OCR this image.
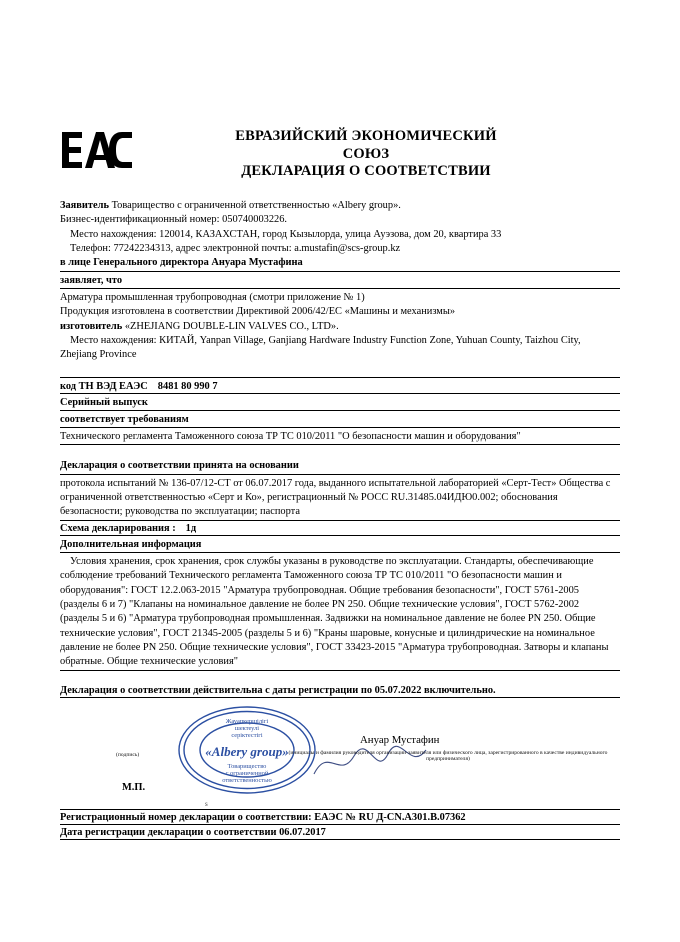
ЕВРАЗИЙСКИЙ ЭКОНОМИЧЕСКИЙ
СОЮЗ
ДЕКЛАРАЦИЯ О СООТВЕТСТВИИ
Заявитель Товарищество с ограниченной ответственностью «Albery group».
Бизнес-идентификационный номер: 050740003226.
Место нахождения: 120014, КАЗАХСТАН, город Кызылорда, улица Ауэзова, дом 20, квартира 33
Телефон: 77242234313, адрес электронной почты: a.mustafin@scs-group.kz
в лице Генерального директора Ануара Мустафина
заявляет, что
Арматура промышленная трубопроводная (смотри приложение № 1)
Продукция изготовлена в соответствии Директивой 2006/42/ЕС «Машины и механизмы»
изготовитель «ZHEJIANG DOUBLE-LIN VALVES CO., LTD».
Место нахождения: КИТАЙ, Yanpan Village, Ganjiang Hardware Industry Function Zone, Yuhuan County, Taizhou City,
Zhejiang Province
код ТН ВЭД ЕАЭС 8481 80 990 7
Серийный выпуск
соответствует требованиям
Технического регламента Таможенного союза ТР ТС 010/2011 "О безопасности машин и оборудования"
Декларация о соответствии принята на основании
протокола испытаний № 136-07/12-СТ от 06.07.2017 года, выданного испытательной лабораторией «Серт-Тест» Общества с
ограниченной ответственностью «Серт и Ко», регистрационный № РОСС RU.31485.04ИДЮ0.002; обоснования
безопасности; руководства по эксплуатации; паспорта
Схема декларирования : 1д
Дополнительная информация
Условия хранения, срок хранения, срок службы указаны в руководстве по эксплуатации. Стандарты, обеспечивающие
соблюдение требований Технического регламента Таможенного союза ТР ТС 010/2011 "О безопасности машин и
оборудования": ГОСТ 12.2.063-2015 "Арматура трубопроводная. Общие требования безопасности", ГОСТ 5761-2005
(разделы 6 и 7) "Клапаны на номинальное давление не более PN 250. Общие технические условия", ГОСТ 5762-2002
(разделы 5 и 6) "Арматура трубопроводная промышленная. Задвижки на номинальное давление не более PN 250. Общие
технические условия", ГОСТ 21345-2005 (разделы 5 и 6) "Краны шаровые, конусные и цилиндрические на номинальное
давление не более PN 250. Общие технические условия", ГОСТ 33423-2015 "Арматура трубопроводная. Затворы и клапаны
обратные. Общие технические условия"
Декларация о соответствии действительна с даты регистрации по 05.07.2022 включительно.
Жауапкершілігі
шектеулі
серіктестігі
«Albery group»
Товарищество
с ограниченной
ответственностью
Ануар Мустафин
(инициалы и фамилия руководителя организации-заявителя или физического лица, зарегистрированного в качестве индивидуального предпринимателя)
(подпись)
М.П.
Регистрационный номер декларации о соответствии: ЕАЭС № RU Д-CN.А301.В.07362
Дата регистрации декларации о соответствии 06.07.2017
s
